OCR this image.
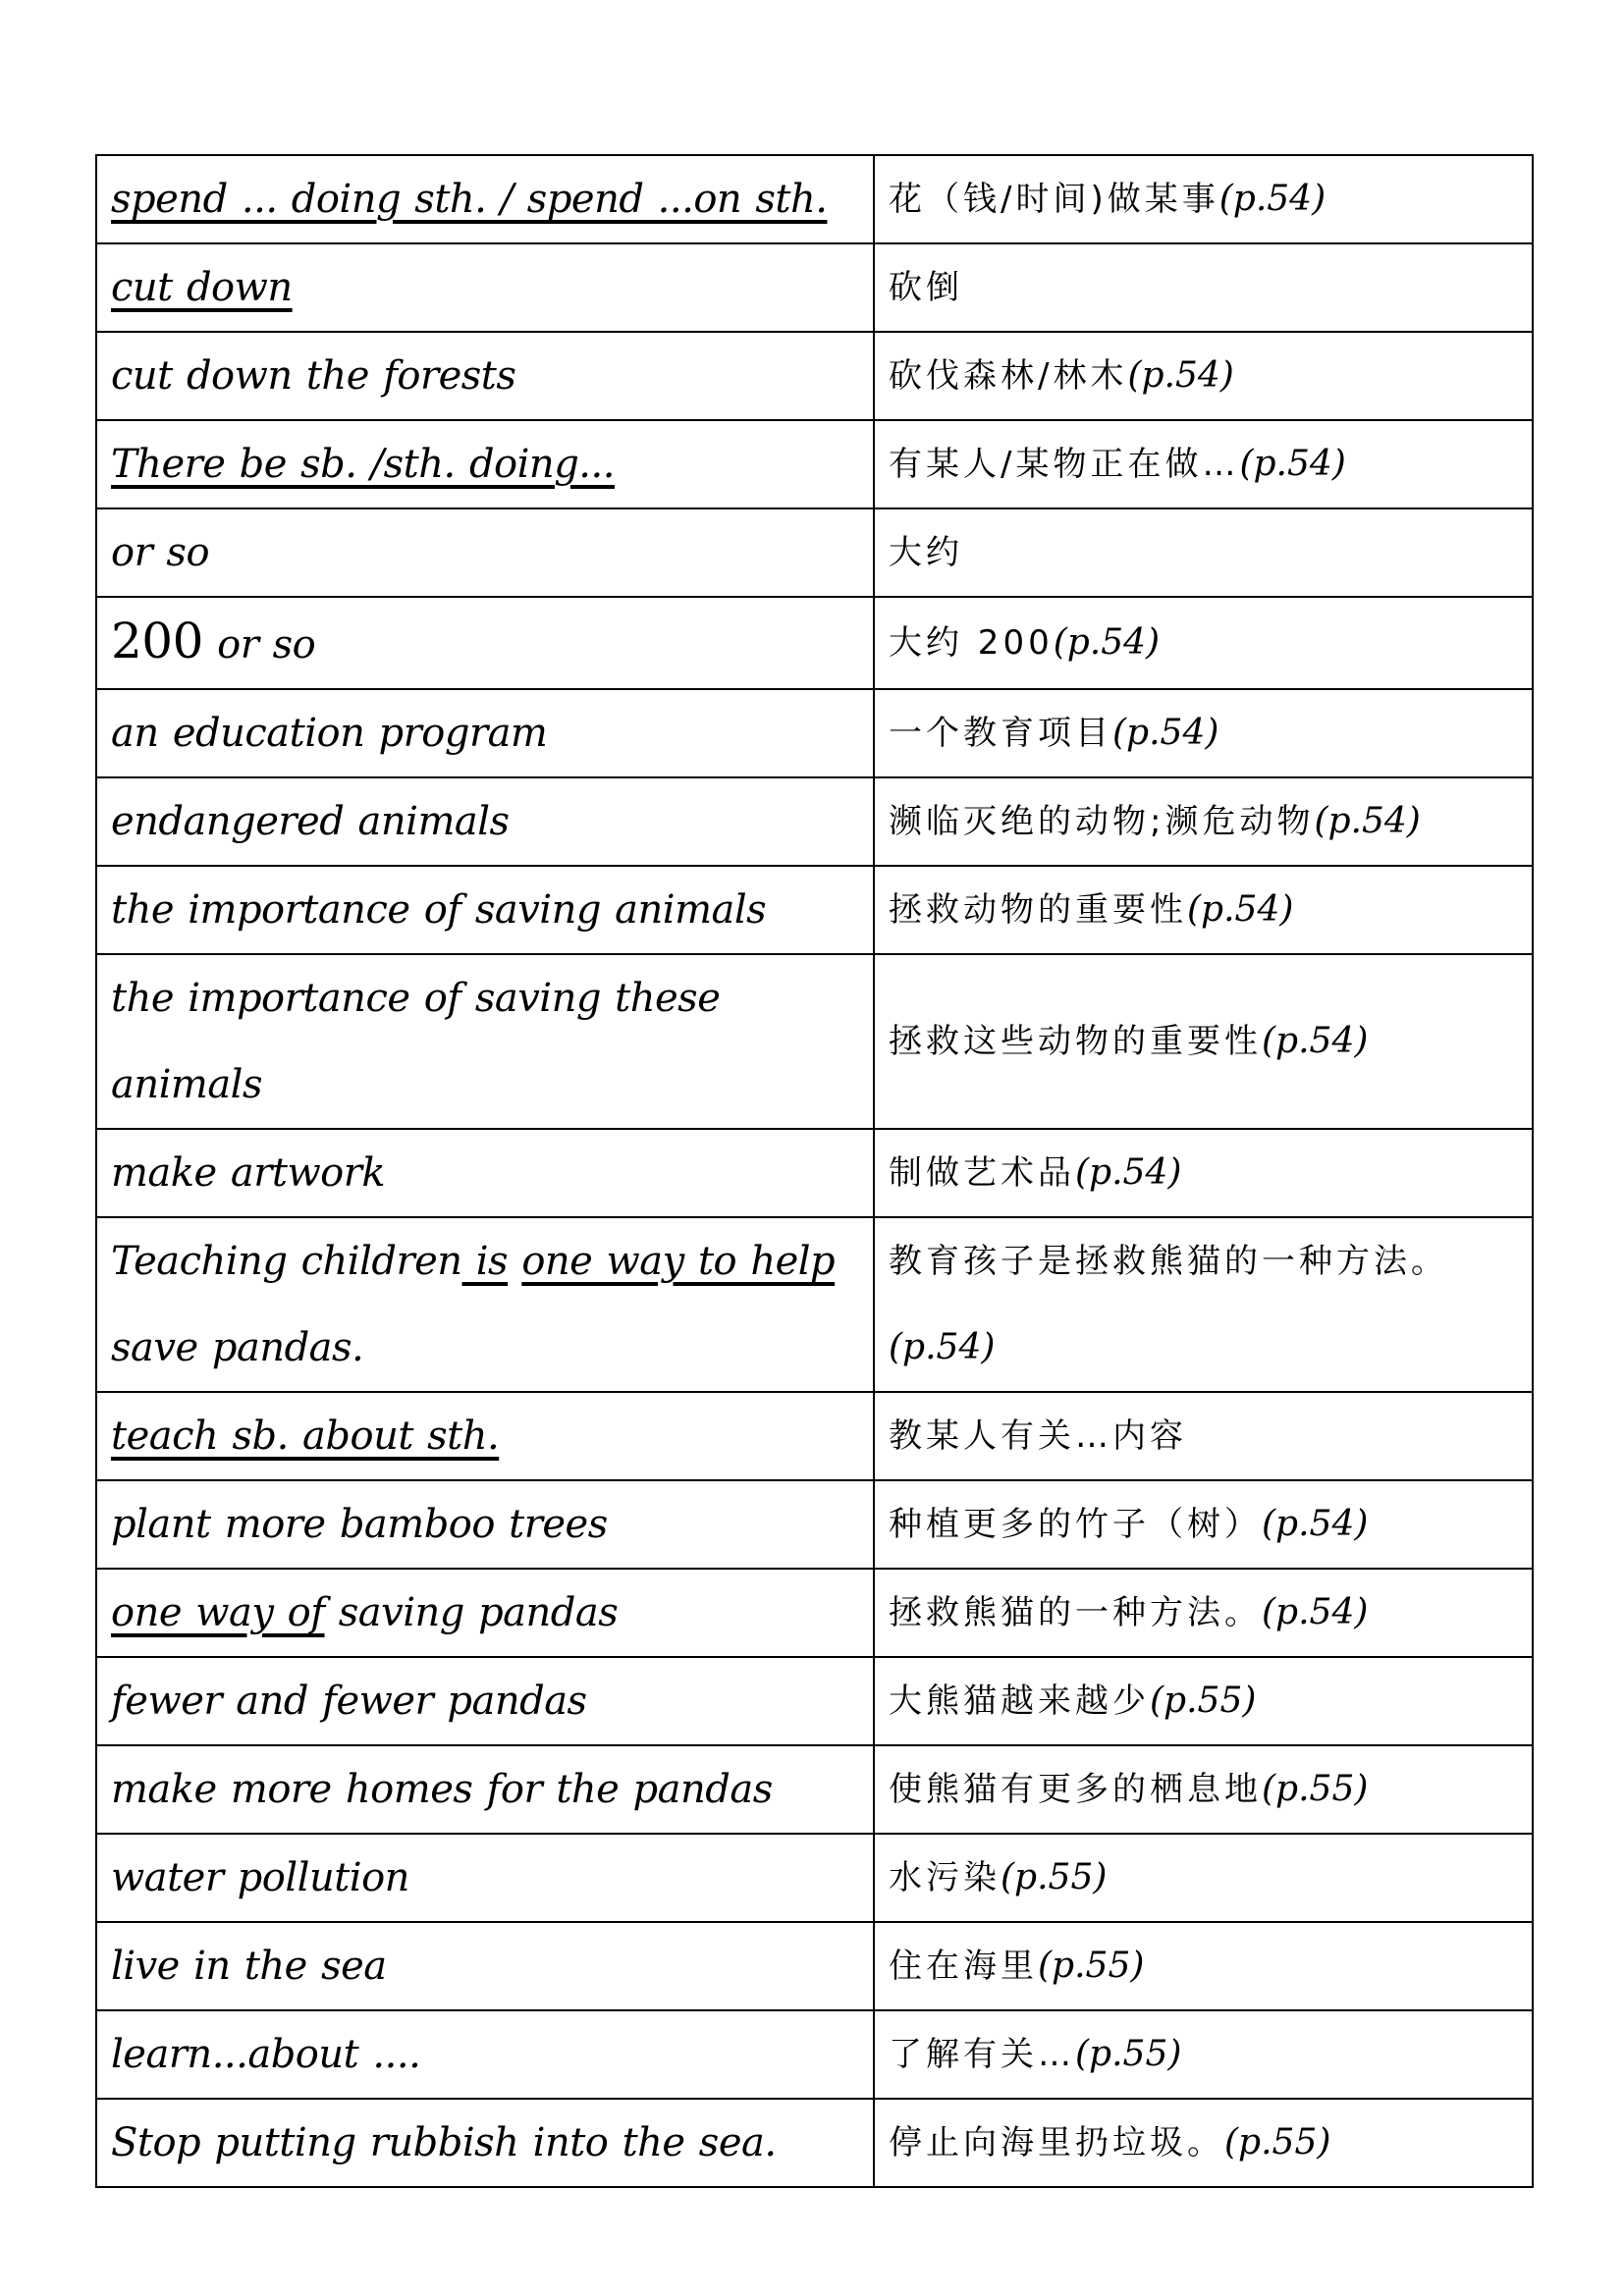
spend ... doing sth. / spend ...on sth.	花（钱/时间)做某事(p.54)
cut down	砍倒
cut down the forests	砍伐森林/林木(p.54)
There be sb. /sth. doing...	有某人/某物正在做…(p.54)
or so	大约
200 or so	大约 200(p.54)
an education program	一个教育项目(p.54)
endangered animals	濒临灭绝的动物;濒危动物(p.54)
the importance of saving animals	拯救动物的重要性(p.54)
the importance of saving these animals	拯救这些动物的重要性(p.54)
make artwork	制做艺术品(p.54)
Teaching children is one way to help save pandas.	教育孩子是拯救熊猫的一种方法。(p.54)
teach sb. about sth.	教某人有关…内容
plant more bamboo trees	种植更多的竹子（树）(p.54)
one way of saving pandas	拯救熊猫的一种方法。(p.54)
fewer and fewer pandas	大熊猫越来越少(p.55)
make more homes for the pandas	使熊猫有更多的栖息地(p.55)
water pollution	水污染(p.55)
live in the sea	住在海里(p.55)
learn...about ....	了解有关…(p.55)
Stop putting rubbish into the sea.	停止向海里扔垃圾。(p.55)
